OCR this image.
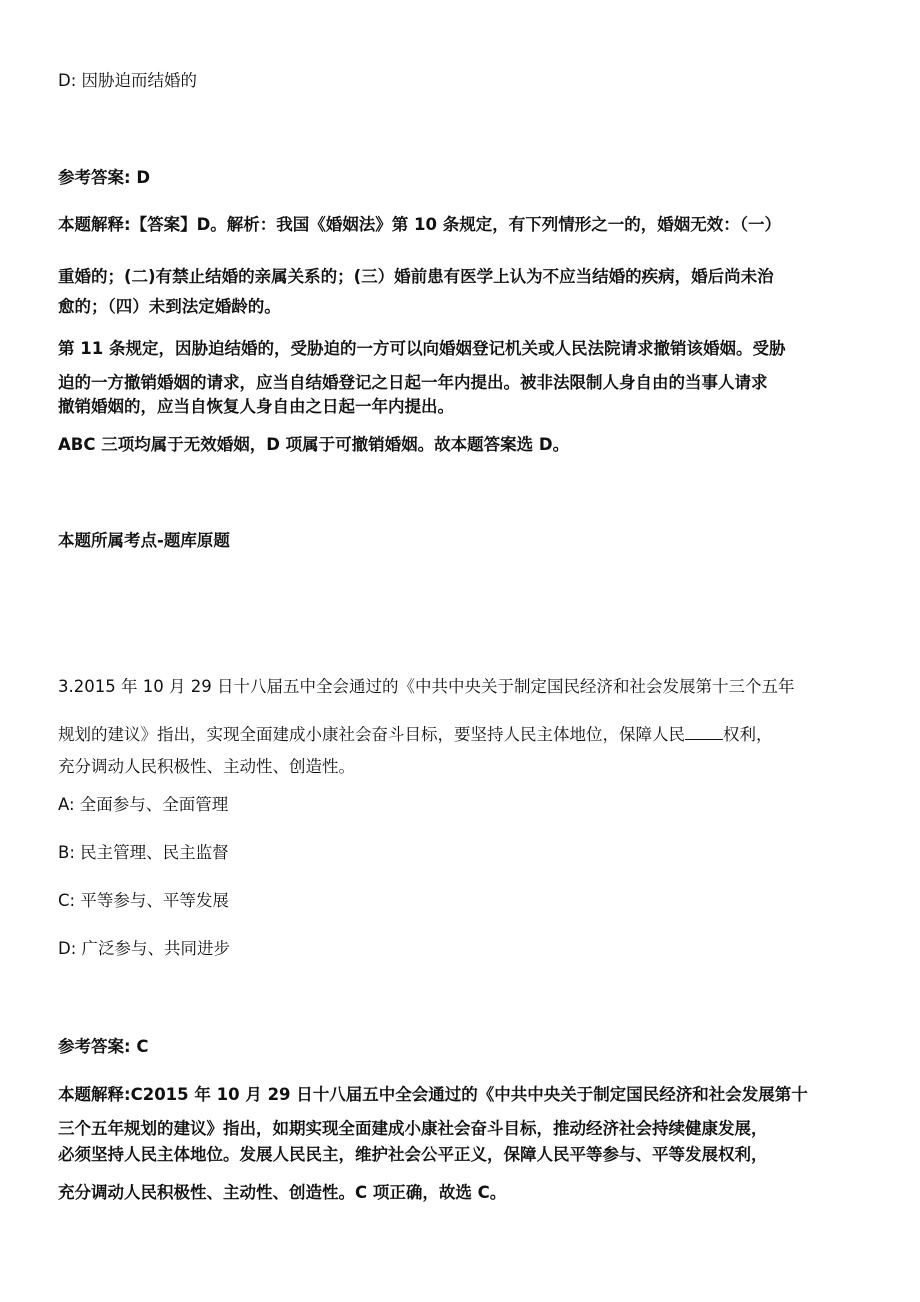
D: 因胁迫而结婚的
参考答案: D
本题解释:【答案】D。解析：我国《婚姻法》第 10 条规定，有下列情形之一的，婚姻无效：（一）
重婚的；(二)有禁止结婚的亲属关系的；(三）婚前患有医学上认为不应当结婚的疾病，婚后尚未治
愈的；（四）未到法定婚龄的。
第 11 条规定，因胁迫结婚的，受胁迫的一方可以向婚姻登记机关或人民法院请求撤销该婚姻。受胁
迫的一方撤销婚姻的请求，应当自结婚登记之日起一年内提出。被非法限制人身自由的当事人请求
撤销婚姻的，应当自恢复人身自由之日起一年内提出。
ABC 三项均属于无效婚姻，D 项属于可撤销婚姻。故本题答案选 D。
本题所属考点-题库原题
3.2015 年 10 月 29 日十八届五中全会通过的《中共中央关于制定国民经济和社会发展第十三个五年
规划的建议》指出，实现全面建成小康社会奋斗目标，要坚持人民主体地位，保障人民 权利，
充分调动人民积极性、主动性、创造性。
A: 全面参与、全面管理
B: 民主管理、民主监督
C: 平等参与、平等发展
D: 广泛参与、共同进步
参考答案: C
本题解释:C2015 年 10 月 29 日十八届五中全会通过的《中共中央关于制定国民经济和社会发展第十
三个五年规划的建议》指出，如期实现全面建成小康社会奋斗目标，推动经济社会持续健康发展，
必须坚持人民主体地位。发展人民民主，维护社会公平正义，保障人民平等参与、平等发展权利，
充分调动人民积极性、主动性、创造性。C 项正确，故选 C。
